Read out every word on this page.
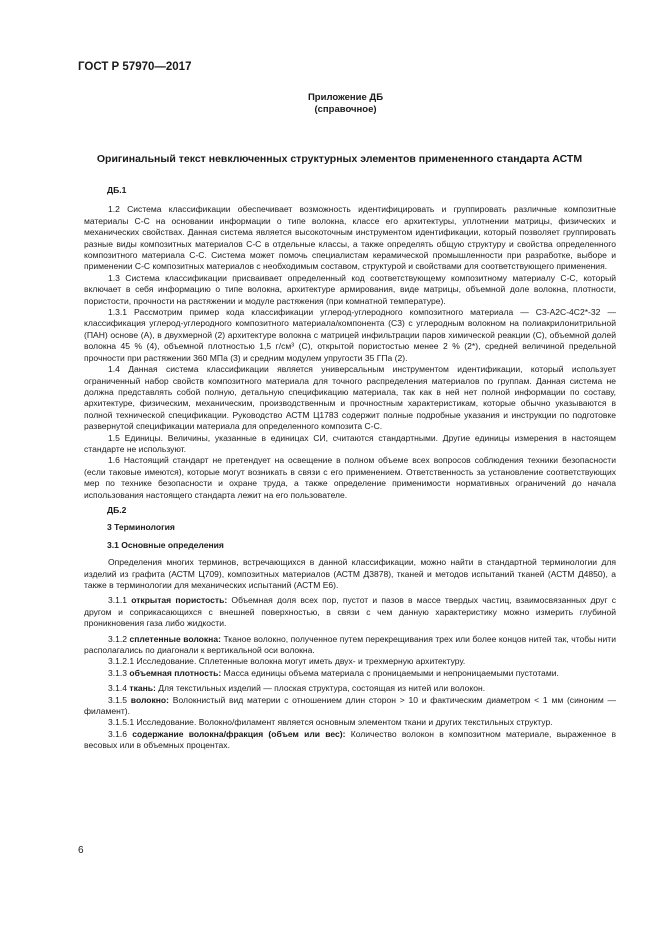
ГОСТ Р 57970—2017
Приложение ДБ
(справочное)
Оригинальный текст невключенных структурных элементов примененного стандарта АСТМ

ДБ.1

1.2 Система классификации обеспечивает возможность идентифицировать и группировать различные композитные материалы С-С на основании информации о типе волокна, классе его архитектуры, уплотнении матрицы, физических и механических свойствах. Данная система является высокоточным инструментом идентификации, который позволяет группировать разные виды композитных материалов С-С в отдельные классы, а также определять общую структуру и свойства определенного композитного материала С-С. Система может помочь специалистам керамической промышленности при разработке, выборе и применении С-С композитных материалов с необходимым составом, структурой и свойствами для соответствующего применения.

1.3 Система классификации присваивает определенный код соответствующему композитному материалу С-С, который включает в себя информацию о типе волокна, архитектуре армирования, виде матрицы, объемной доле волокна, плотности, пористости, прочности на растяжении и модуле растяжения (при комнатной температуре).

1.3.1 Рассмотрим пример кода классификации углерод-углеродного композитного материала — С3-А2С-4С2*-32 — классификация углерод-углеродного композитного материала/компонента (С3) с углеродным волокном на полиакрилонитрильной (ПАН) основе (А), в двухмерной (2) архитектуре волокна с матрицей инфильтрации паров химической реакции (С), объемной долей волокна 45 % (4), объемной плотностью 1,5 г/см³ (С), открытой пористостью менее 2 % (2*), средней величиной предельной прочности при растяжении 360 МПа (3) и средним модулем упругости 35 ГПа (2).

1.4 Данная система классификации является универсальным инструментом идентификации, который использует ограниченный набор свойств композитного материала для точного распределения материалов по группам. Данная система не должна представлять собой полную, детальную спецификацию материала, так как в ней нет полной информации по составу, архитектуре, физическим, механическим, производственным и прочностным характеристикам, которые обычно указываются в полной технической спецификации. Руководство АСТМ Ц1783 содержит полные подробные указания и инструкции по подготовке развернутой спецификации материала для определенного композита С-С.

1.5 Единицы. Величины, указанные в единицах СИ, считаются стандартными. Другие единицы измерения в настоящем стандарте не используют.

1.6 Настоящий стандарт не претендует на освещение в полном объеме всех вопросов соблюдения техники безопасности (если таковые имеются), которые могут возникать в связи с его применением. Ответственность за установление соответствующих мер по технике безопасности и охране труда, а также определение применимости нормативных ограничений до начала использования настоящего стандарта лежит на его пользователе.

ДБ.2

3 Терминология

3.1 Основные определения

Определения многих терминов, встречающихся в данной классификации, можно найти в стандартной терминологии для изделий из графита (АСТМ Ц709), композитных материалов (АСТМ Д3878), тканей и методов испытаний тканей (АСТМ Д4850), а также в терминологии для механических испытаний (АСТМ Е6).

3.1.1 открытая пористость: Объемная доля всех пор, пустот и пазов в массе твердых частиц, взаимосвязанных друг с другом и соприкасающихся с внешней поверхностью, в связи с чем данную характеристику можно измерить глубиной проникновения газа либо жидкости.

3.1.2 сплетенные волокна: Тканое волокно, полученное путем перекрещивания трех или более концов нитей так, чтобы нити располагались по диагонали к вертикальной оси волокна.

3.1.2.1 Исследование. Сплетенные волокна могут иметь двух- и трехмерную архитектуру.

3.1.3 объемная плотность: Масса единицы объема материала с проницаемыми и непроницаемыми пустотами.

3.1.4 ткань: Для текстильных изделий — плоская структура, состоящая из нитей или волокон.

3.1.5 волокно: Волокнистый вид материи с отношением длин сторон > 10 и фактическим диаметром < 1 мм (синоним — филамент).

3.1.5.1 Исследование. Волокно/филамент является основным элементом ткани и других текстильных структур.

3.1.6 содержание волокна/фракция (объем или вес): Количество волокон в композитном материале, выраженное в весовых или в объемных процентах.

6
